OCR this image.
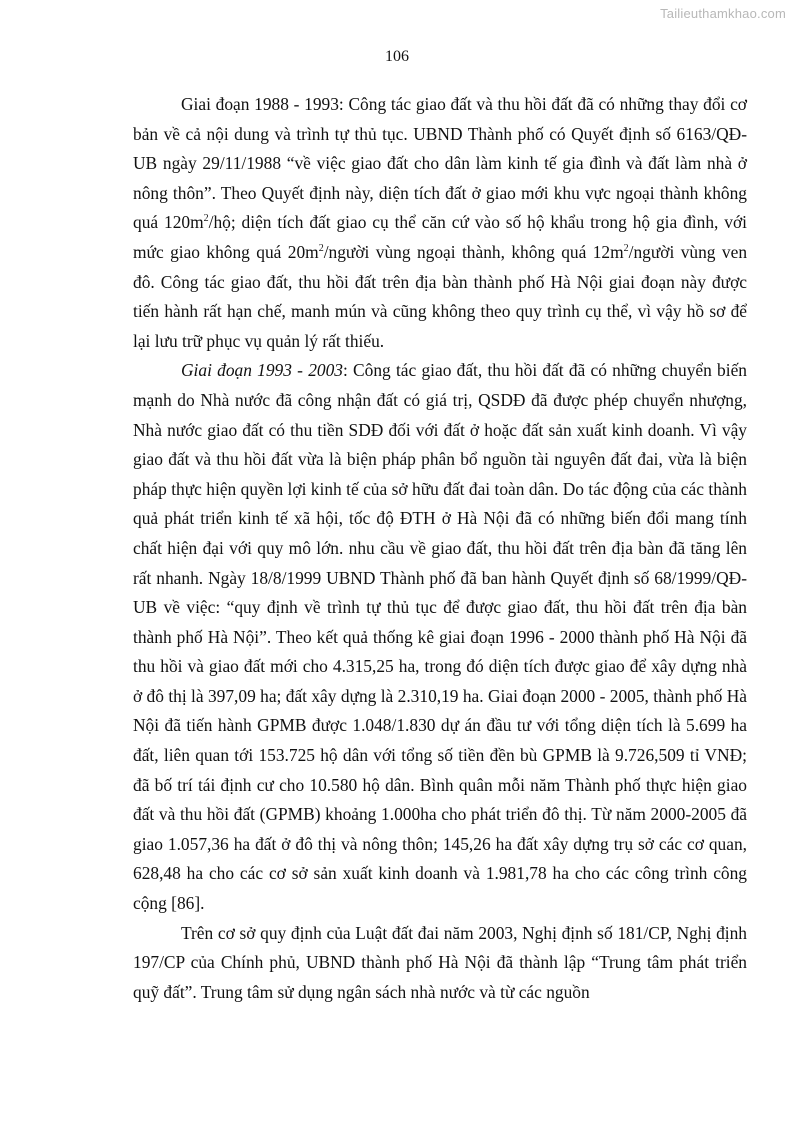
Tailieuthamkhao.com
106

Giai đoạn 1988 - 1993: Công tác giao đất và thu hồi đất đã có những thay đổi cơ bản về cả nội dung và trình tự thủ tục. UBND Thành phố có Quyết định số 6163/QĐ-UB ngày 29/11/1988 “về việc giao đất cho dân làm kinh tế gia đình và đất làm nhà ở nông thôn”. Theo Quyết định này, diện tích đất ở giao mới khu vực ngoại thành không quá $120m^2/hộ$; diện tích đất giao cụ thể căn cứ vào số hộ khẩu trong hộ gia đình, với mức giao không quá $20m^2$/người vùng ngoại thành, không quá $12m^2$/người vùng ven đô. Công tác giao đất, thu hồi đất trên địa bàn thành phố Hà Nội giai đoạn này được tiến hành rất hạn chế, manh mún và cũng không theo quy trình cụ thể, vì vậy hồ sơ để lại lưu trữ phục vụ quản lý rất thiếu.

Giai đoạn 1993 - 2003: Công tác giao đất, thu hồi đất đã có những chuyển biến mạnh do Nhà nước đã công nhận đất có giá trị, QSDĐ đã được phép chuyển nhượng, Nhà nước giao đất có thu tiền SDĐ đối với đất ở hoặc đất sản xuất kinh doanh. Vì vậy giao đất và thu hồi đất vừa là biện pháp phân bổ nguồn tài nguyên đất đai, vừa là biện pháp thực hiện quyền lợi kinh tế của sở hữu đất đai toàn dân. Do tác động của các thành quả phát triển kinh tế xã hội, tốc độ ĐTH ở Hà Nội đã có những biến đổi mang tính chất hiện đại với quy mô lớn. nhu cầu về giao đất, thu hồi đất trên địa bàn đã tăng lên rất nhanh. Ngày 18/8/1999 UBND Thành phố đã ban hành Quyết định số 68/1999/QĐ-UB về việc: “quy định về trình tự thủ tục để được giao đất, thu hồi đất trên địa bàn thành phố Hà Nội”. Theo kết quả thống kê giai đoạn 1996 - 2000 thành phố Hà Nội đã thu hồi và giao đất mới cho 4.315,25 ha, trong đó diện tích được giao để xây dựng nhà ở đô thị là 397,09 ha; đất xây dựng là 2.310,19 ha. Giai đoạn 2000 - 2005, thành phố Hà Nội đã tiến hành GPMB được 1.048/1.830 dự án đầu tư với tổng diện tích là 5.699 ha đất, liên quan tới 153.725 hộ dân với tổng số tiền đền bù GPMB là 9.726,509 tỉ VNĐ; đã bố trí tái định cư cho 10.580 hộ dân. Bình quân mỗi năm Thành phố thực hiện giao đất và thu hồi đất (GPMB) khoảng 1.000ha cho phát triển đô thị. Từ năm 2000-2005 đã giao 1.057,36 ha đất ở đô thị và nông thôn; 145,26 ha đất xây dựng trụ sở các cơ quan, 628,48 ha cho các cơ sở sản xuất kinh doanh và 1.981,78 ha cho các công trình công cộng [86].

Trên cơ sở quy định của Luật đất đai năm 2003, Nghị định số 181/CP, Nghị định 197/CP của Chính phủ, UBND thành phố Hà Nội đã thành lập “Trung tâm phát triển quỹ đất”. Trung tâm sử dụng ngân sách nhà nước và từ các nguồn
